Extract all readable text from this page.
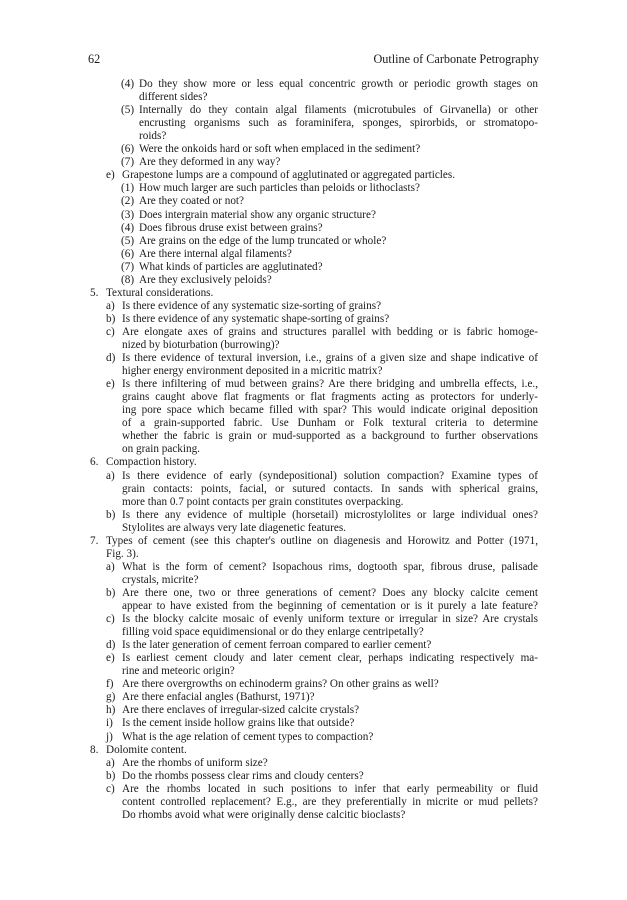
62	Outline of Carbonate Petrography
(4) Do they show more or less equal concentric growth or periodic growth stages on
different sides?
(5) Internally do they contain algal filaments (microtubules of Girvanella) or other
encrusting organisms such as foraminifera, sponges, spirorbids, or stromatopo-
roids?
(6) Were the onkoids hard or soft when emplaced in the sediment?
(7) Are they deformed in any way?
e) Grapestone lumps are a compound of agglutinated or aggregated particles.
(1) How much larger are such particles than peloids or lithoclasts?
(2) Are they coated or not?
(3) Does intergrain material show any organic structure?
(4) Does fibrous druse exist between grains?
(5) Are grains on the edge of the lump truncated or whole?
(6) Are there internal algal filaments?
(7) What kinds of particles are agglutinated?
(8) Are they exclusively peloids?
5. Textural considerations.
a) Is there evidence of any systematic size-sorting of grains?
b) Is there evidence of any systematic shape-sorting of grains?
c) Are elongate axes of grains and structures parallel with bedding or is fabric homoge-
nized by bioturbation (burrowing)?
d) Is there evidence of textural inversion, i.e., grains of a given size and shape indicative of
higher energy environment deposited in a micritic matrix?
e) Is there infiltering of mud between grains? Are there bridging and umbrella effects, i.e.,
grains caught above flat fragments or flat fragments acting as protectors for underly-
ing pore space which became filled with spar? This would indicate original deposition
of a grain-supported fabric. Use Dunham or Folk textural criteria to determine
whether the fabric is grain or mud-supported as a background to further observations
on grain packing.
6. Compaction history.
a) Is there evidence of early (syndepositional) solution compaction? Examine types of
grain contacts: points, facial, or sutured contacts. In sands with spherical grains,
more than 0.7 point contacts per grain constitutes overpacking.
b) Is there any evidence of multiple (horsetail) microstylolites or large individual ones?
Stylolites are always very late diagenetic features.
7. Types of cement (see this chapter's outline on diagenesis and Horowitz and Potter (1971,
Fig. 3).
a) What is the form of cement? Isopachous rims, dogtooth spar, fibrous druse, palisade
crystals, micrite?
b) Are there one, two or three generations of cement? Does any blocky calcite cement
appear to have existed from the beginning of cementation or is it purely a late feature?
c) Is the blocky calcite mosaic of evenly uniform texture or irregular in size? Are crystals
filling void space equidimensional or do they enlarge centripetally?
d) Is the later generation of cement ferroan compared to earlier cement?
e) Is earliest cement cloudy and later cement clear, perhaps indicating respectively ma-
rine and meteoric origin?
f) Are there overgrowths on echinoderm grains? On other grains as well?
g) Are there enfacial angles (Bathurst, 1971)?
h) Are there enclaves of irregular-sized calcite crystals?
i) Is the cement inside hollow grains like that outside?
j) What is the age relation of cement types to compaction?
8. Dolomite content.
a) Are the rhombs of uniform size?
b) Do the rhombs possess clear rims and cloudy centers?
c) Are the rhombs located in such positions to infer that early permeability or fluid
content controlled replacement? E.g., are they preferentially in micrite or mud pellets?
Do rhombs avoid what were originally dense calcitic bioclasts?
